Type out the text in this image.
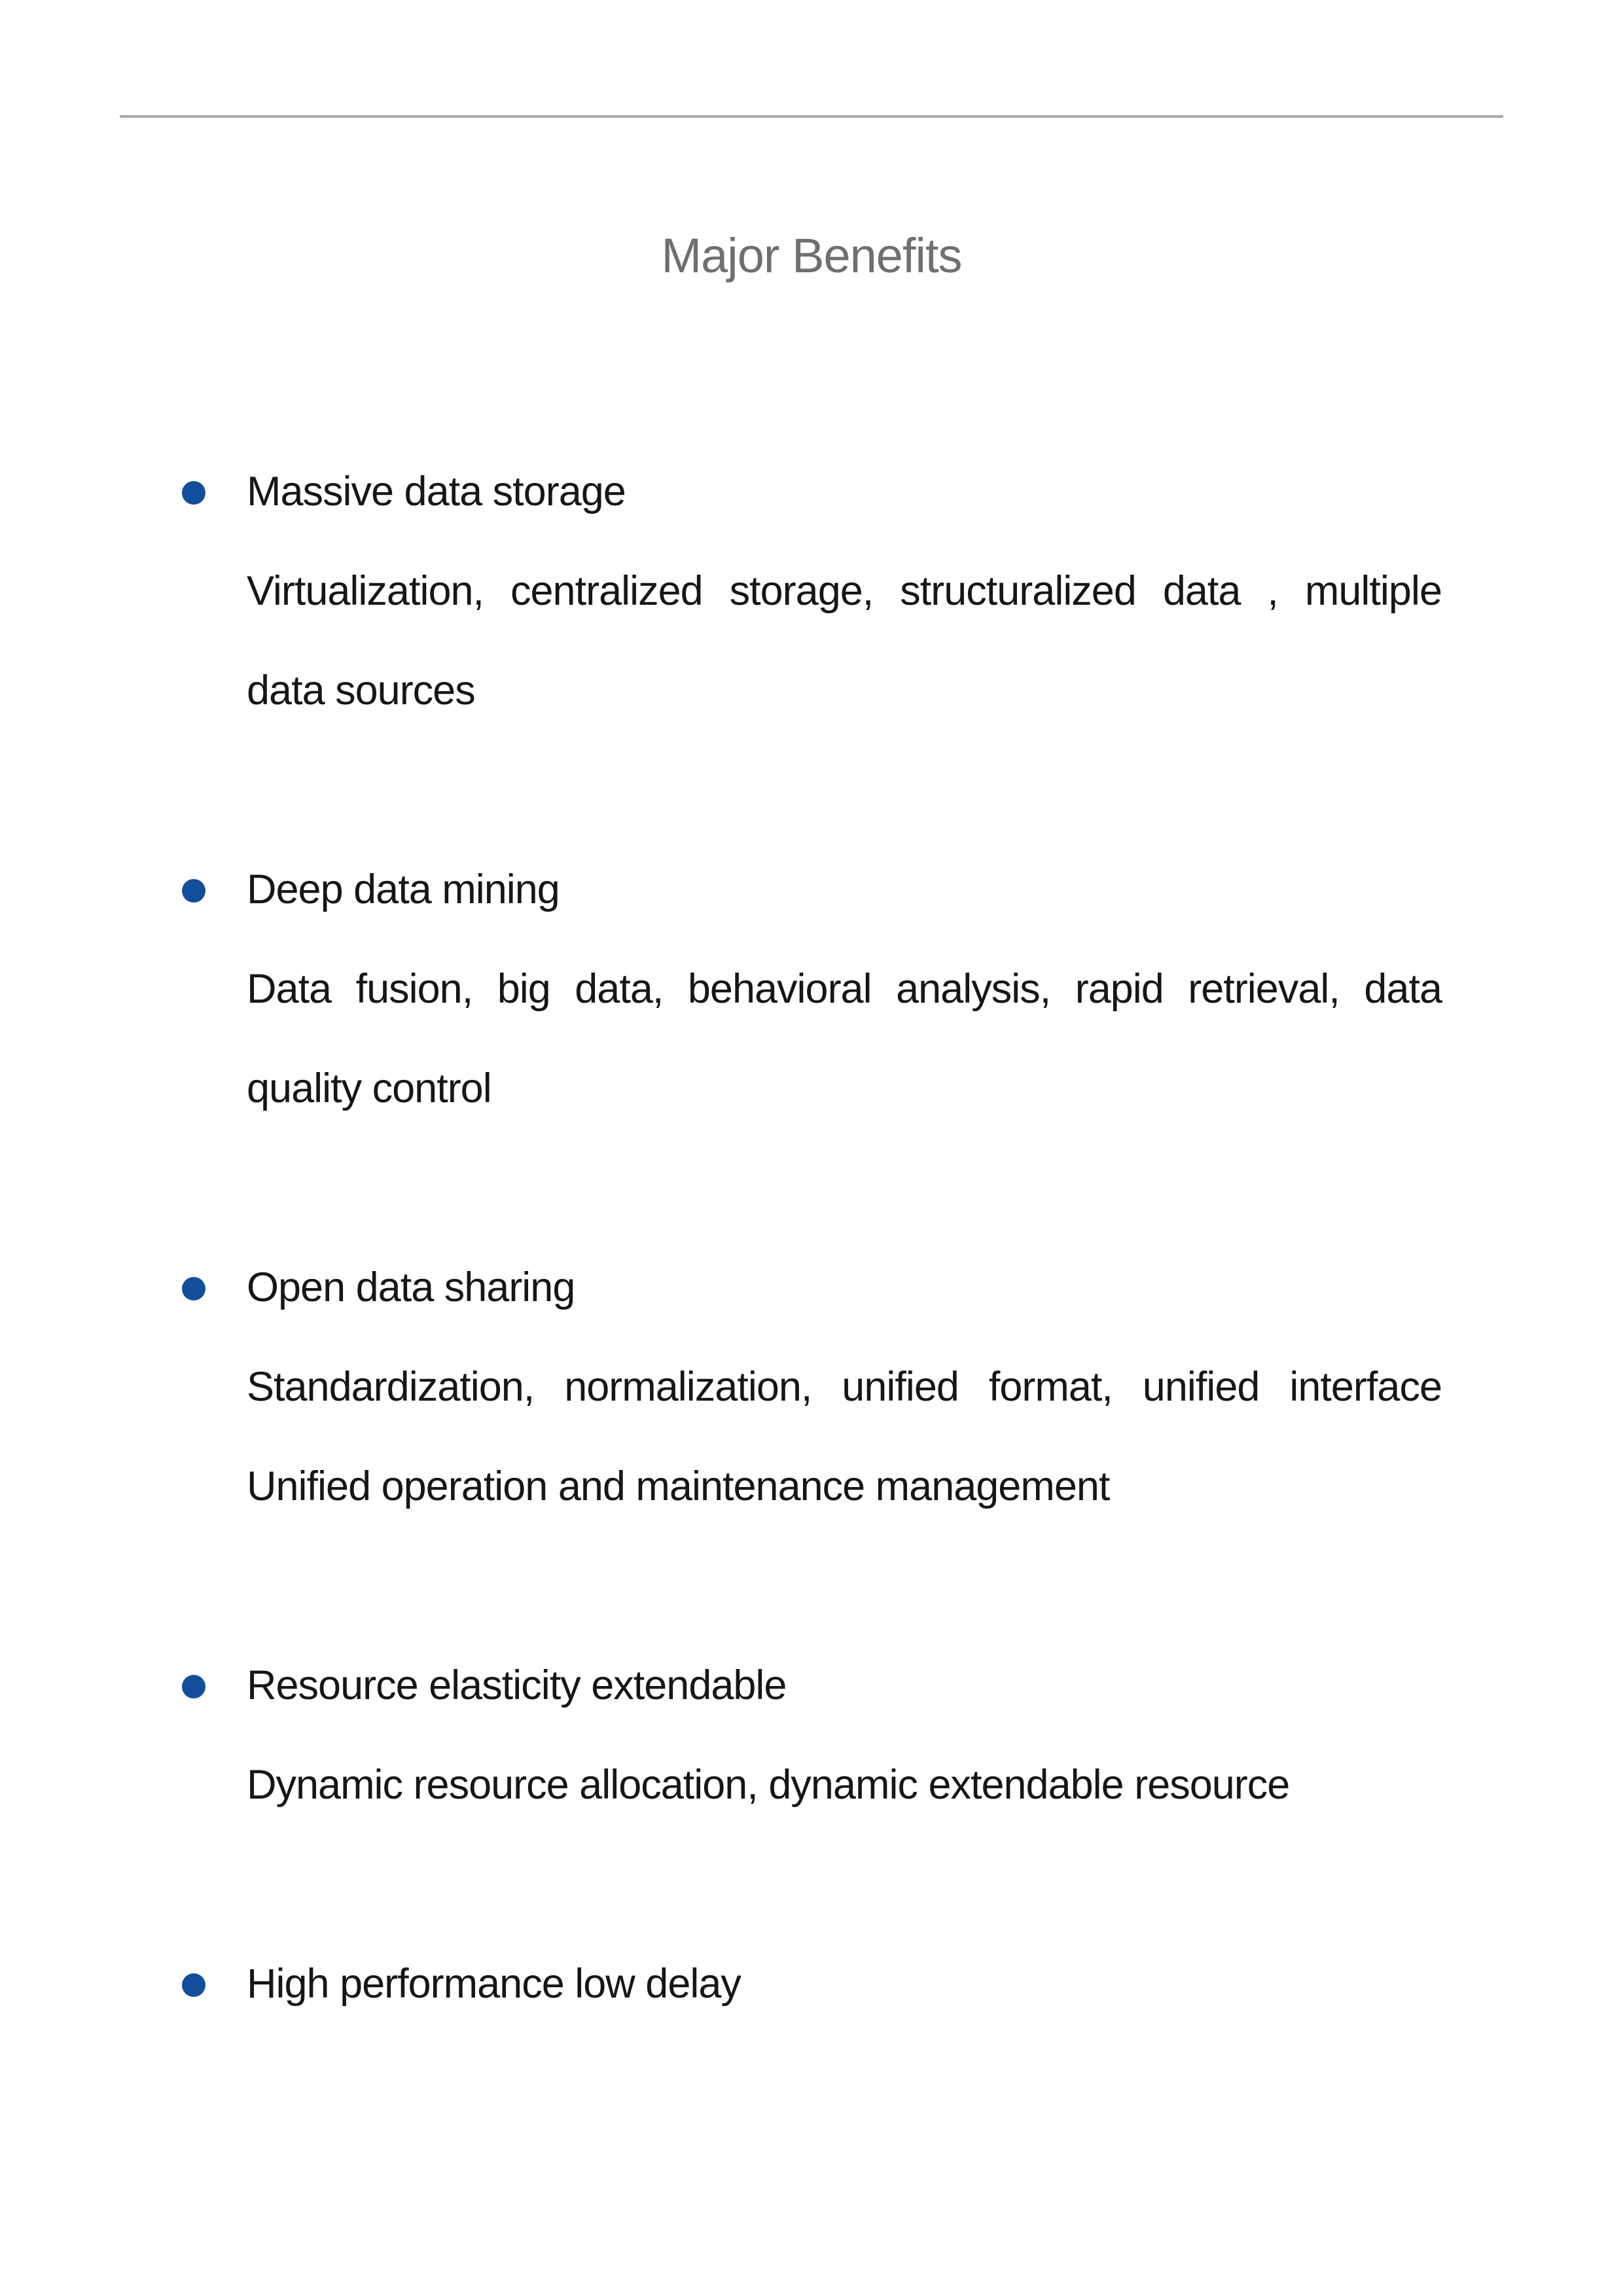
Major Benefits
Massive data storage
Virtualization, centralized storage, structuralized data , multiple
data sources
Deep data mining
Data fusion, big data, behavioral analysis, rapid retrieval, data
quality control
Open data sharing
Standardization, normalization, unified format, unified interface
Unified operation and maintenance management
Resource elasticity extendable
Dynamic resource allocation, dynamic extendable resource
High performance low delay
